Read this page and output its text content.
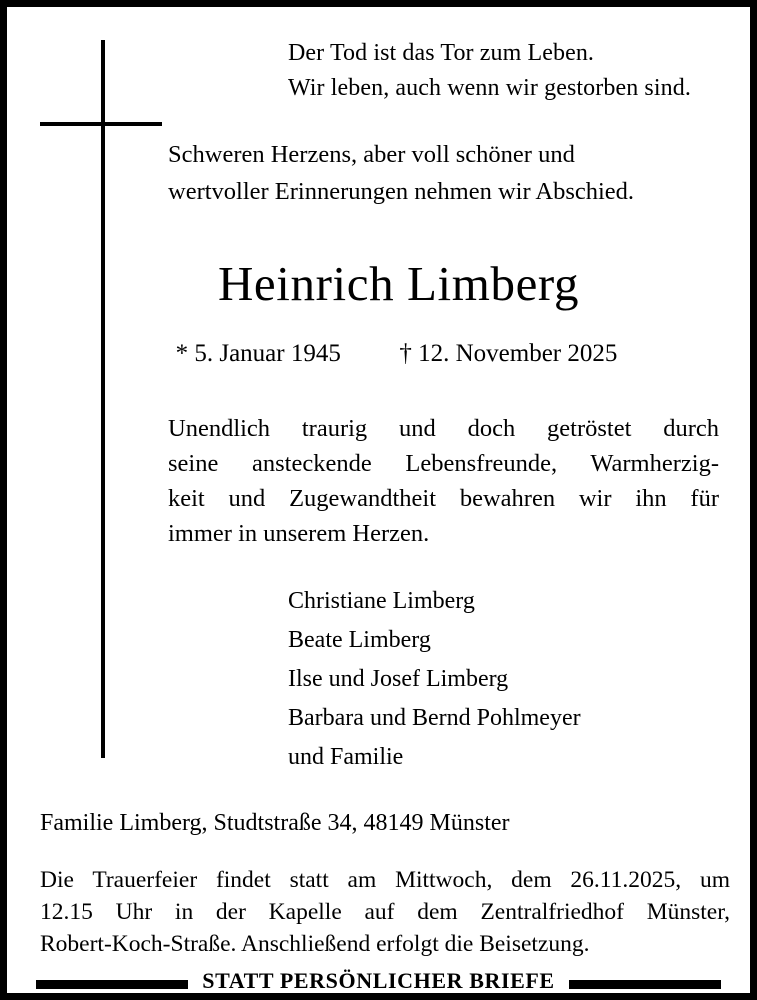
Der Tod ist das Tor zum Leben.
Wir leben, auch wenn wir gestorben sind.
Schweren Herzens, aber voll schöner und
wertvoller Erinnerungen nehmen wir Abschied.
Heinrich Limberg
* 5. Januar 1945 † 12. November 2025
Unendlich traurig und doch getröstet durch
seine ansteckende Lebensfreunde, Warmherzig-
keit und Zugewandtheit bewahren wir ihn für
immer in unserem Herzen.
Christiane Limberg
Beate Limberg
Ilse und Josef Limberg
Barbara und Bernd Pohlmeyer
und Familie
Familie Limberg, Studtstraße 34, 48149 Münster
Die Trauerfeier findet statt am Mittwoch, dem 26.11.2025, um
12.15 Uhr in der Kapelle auf dem Zentralfriedhof Münster,
Robert-Koch-Straße. Anschließend erfolgt die Beisetzung.
STATT PERSÖNLICHER BRIEFE
